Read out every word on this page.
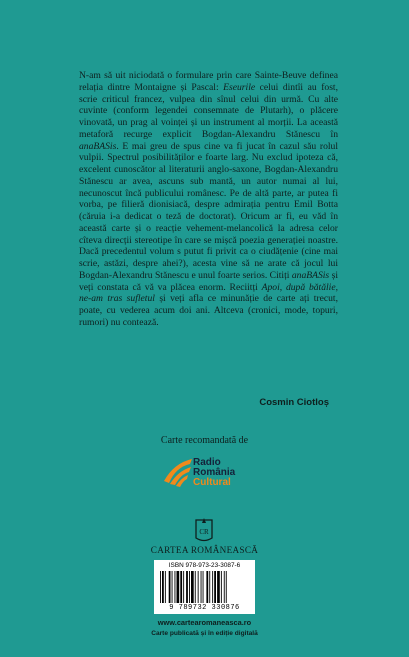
N-am să uit niciodată o formulare prin care Sainte-Beuve definea relația dintre Montaigne și Pascal: Eseurile celui dintîi au fost, scrie criticul francez, vulpea din sînul celui din urmă. Cu alte cuvinte (conform legendei consemnate de Plutarh), o plăcere vinovată, un prag al voinței și un instrument al morții. La această metaforă recurge explicit Bogdan-Alexandru Stănescu în anaBASis. E mai greu de spus cine va fi jucat în cazul său rolul vulpii. Spectrul posibilităților e foarte larg. Nu exclud ipoteza că, excelent cunoscător al literaturii anglo-saxone, Bogdan-Alexandru Stănescu ar avea, ascuns sub mantă, un autor numai al lui, necunoscut încă publicului românesc. Pe de altă parte, ar putea fi vorba, pe filieră dionisiacă, despre admirația pentru Emil Botta (căruia i-a dedicat o teză de doctorat). Oricum ar fi, eu văd în această carte și o reacție vehement-melancolică la adresa celor cîteva direcții stereotipe în care se mișcă poezia generației noastre. Dacă precedentul volum s putut fi privit ca o ciudățenie (cine mai scrie, astăzi, despre ahei?), acesta vine să ne arate că jocul lui Bogdan-Alexandru Stănescu e unul foarte serios. Citiți anaBASis și veți constata că vă va plăcea enorm. Reciitți Apoi, după bătălie, ne-am tras sufletul și veți afla ce minunăție de carte ați trecut, poate, cu vederea acum doi ani. Altceva (cronici, mode, topuri, rumori) nu contează.

Cosmin Ciotloș
Carte recomandată de
Radio
România
Cultural
CR
CARTEA ROMÂNEASCĂ
ISBN 978-973-23-3087-6
9 789732 330876
www.cartearomaneasca.ro
Carte publicată și în ediție digitală
